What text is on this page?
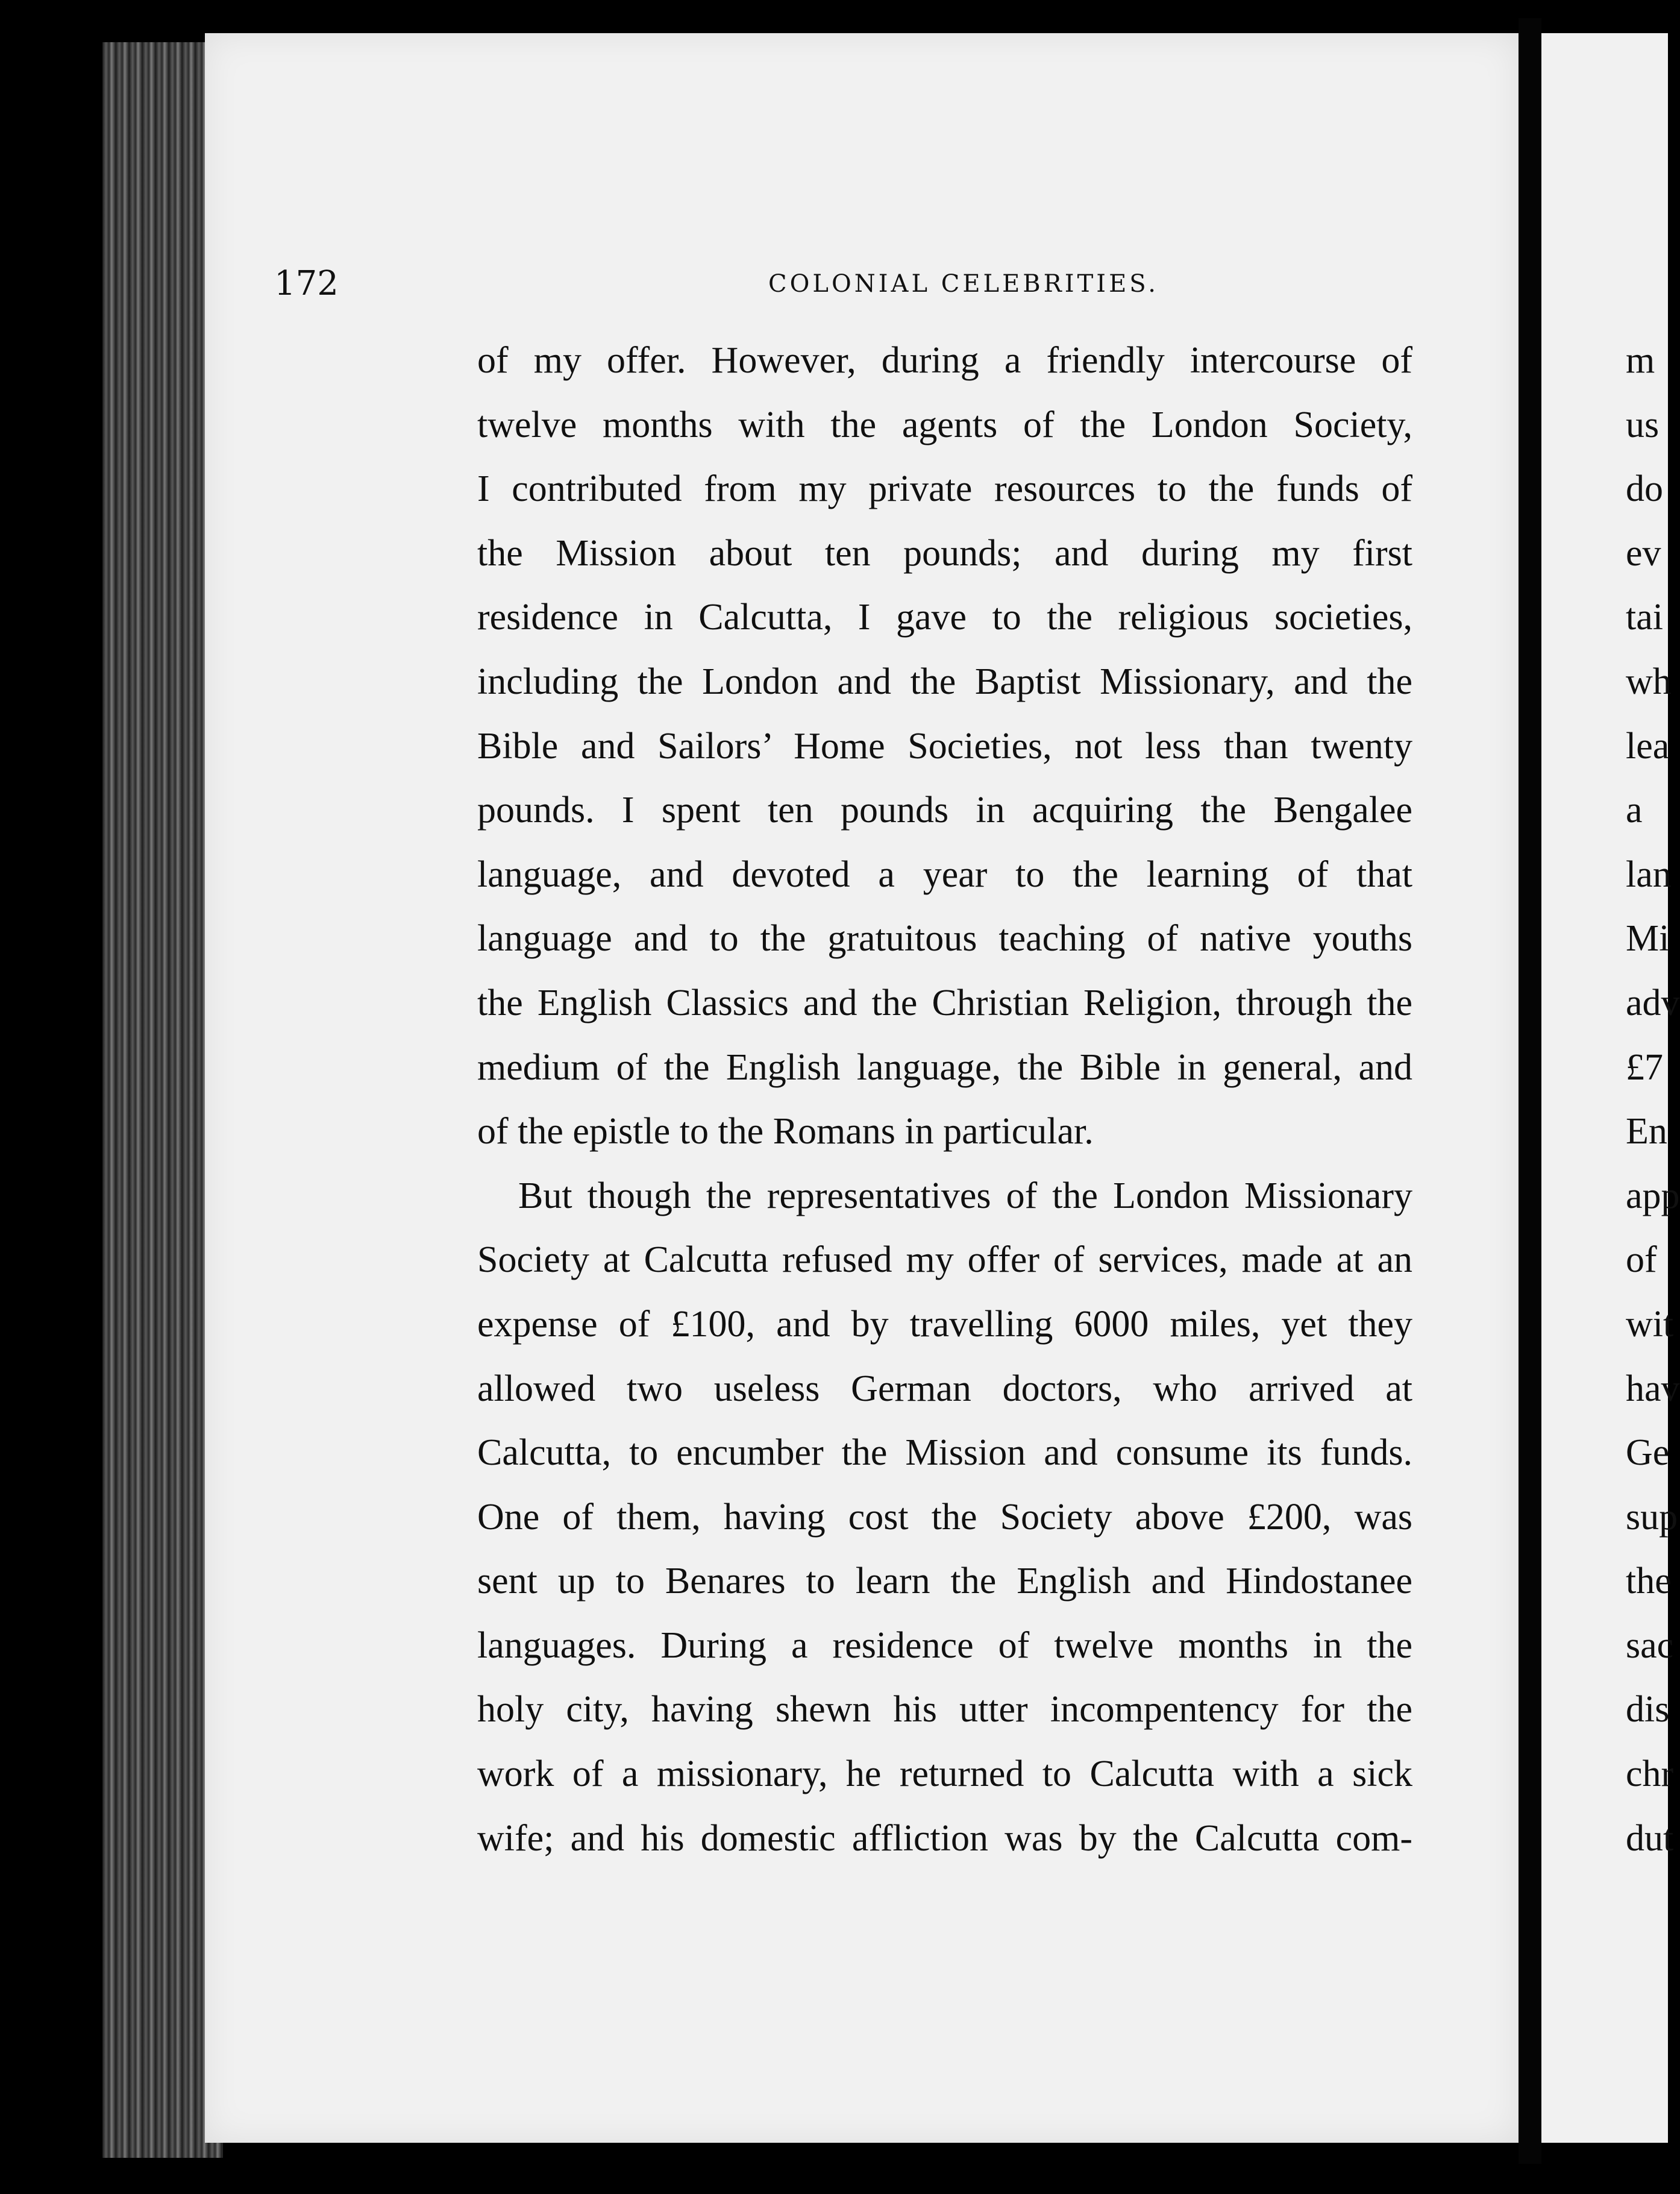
172	COLONIAL CELEBRITIES.
of my offer. However, during a friendly intercourse of
twelve months with the agents of the London Society,
I contributed from my private resources to the funds of
the Mission about ten pounds; and during my first
residence in Calcutta, I gave to the religious societies,
including the London and the Baptist Missionary, and the
Bible and Sailors’ Home Societies, not less than twenty
pounds. I spent ten pounds in acquiring the Bengalee
language, and devoted a year to the learning of that
language and to the gratuitous teaching of native youths
the English Classics and the Christian Religion, through the
medium of the English language, the Bible in general, and
of the epistle to the Romans in particular.
But though the representatives of the London Missionary
Society at Calcutta refused my offer of services, made at an
expense of £100, and by travelling 6000 miles, yet they
allowed two useless German doctors, who arrived at
Calcutta, to encumber the Mission and consume its funds.
One of them, having cost the Society above £200, was
sent up to Benares to learn the English and Hindostanee
languages. During a residence of twelve months in the
holy city, having shewn his utter incompentency for the
work of a missionary, he returned to Calcutta with a sick
wife; and his domestic affliction was by the Calcutta com-
m
us
do
ev
tai
wh
lea
a
lan
Mi
adv
£7
En
app
of
wit
hav
Ge
sup
the
sac
dis
chr
dut
